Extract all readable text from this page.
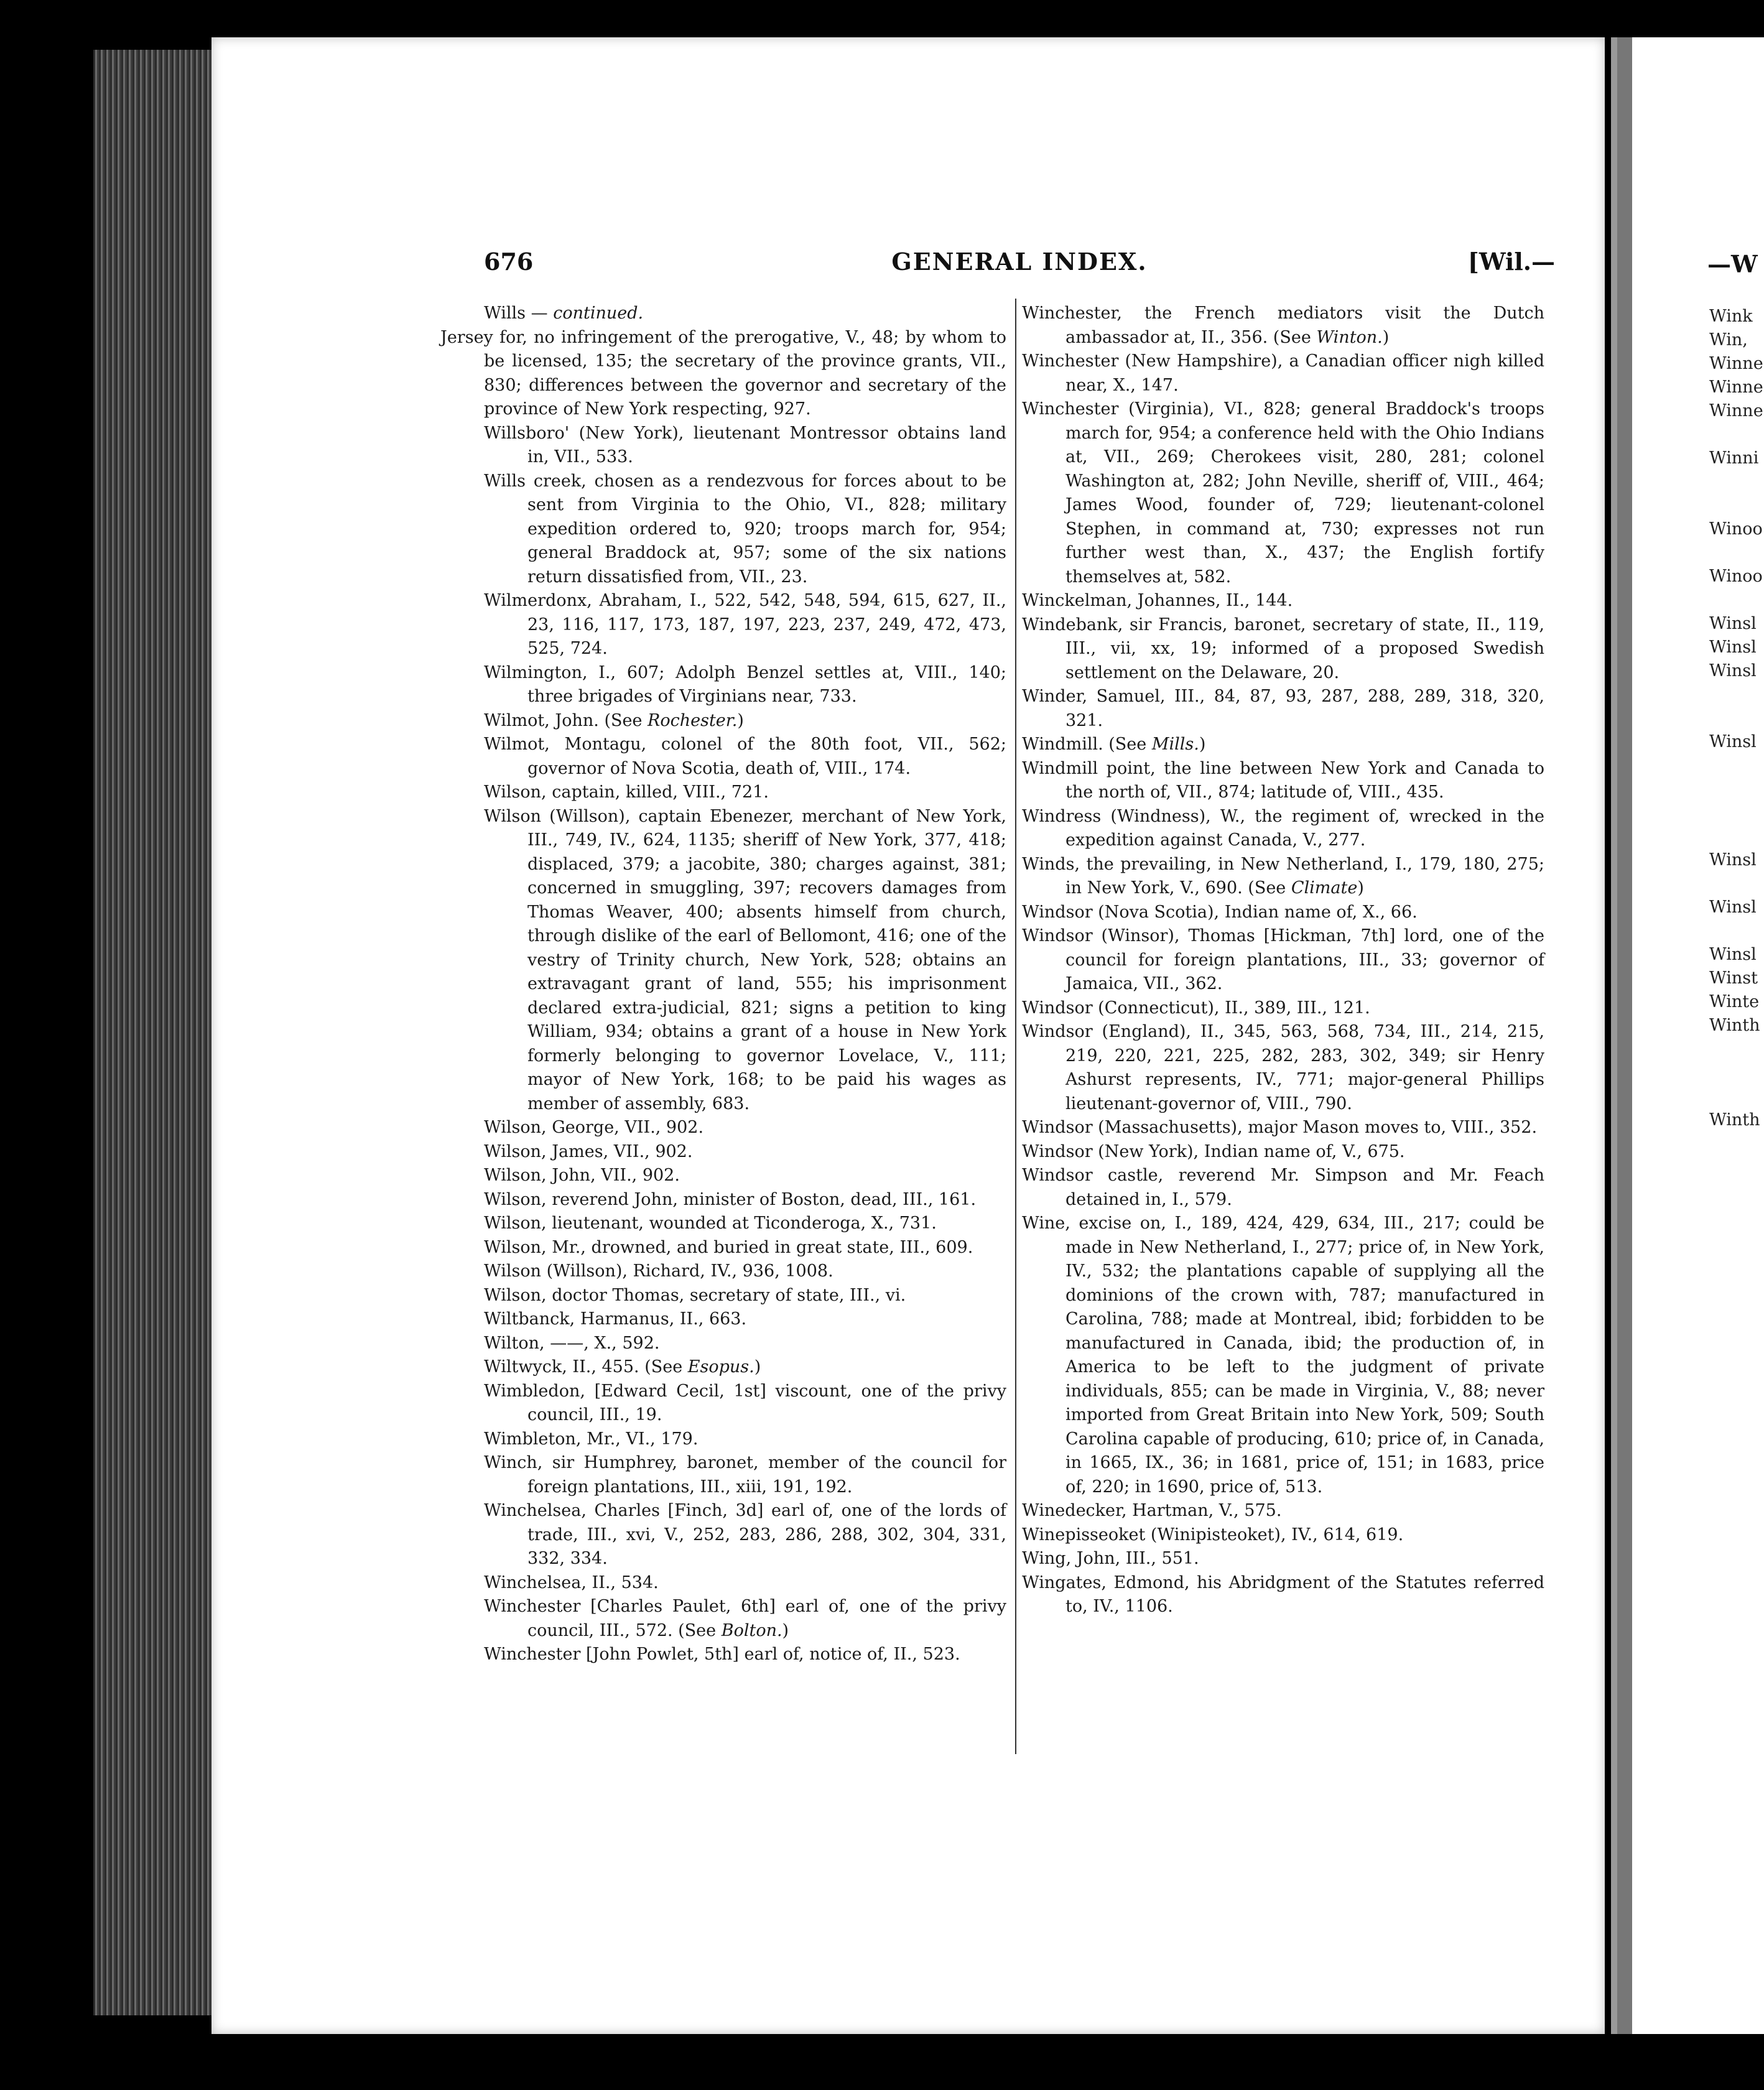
676	GENERAL INDEX.	[Wil.—

Wills — continued.

Jersey for, no infringement of the prerogative, V., 48; by whom to be licensed, 135; the secretary of the province grants, VII., 830; differences between the governor and secretary of the province of New York respecting, 927.

Willsboro' (New York), lieutenant Montressor obtains land in, VII., 533.

Wills creek, chosen as a rendezvous for forces about to be sent from Virginia to the Ohio, VI., 828; military expedition ordered to, 920; troops march for, 954; general Braddock at, 957; some of the six nations return dissatisfied from, VII., 23.

Wilmerdonx, Abraham, I., 522, 542, 548, 594, 615, 627, II., 23, 116, 117, 173, 187, 197, 223, 237, 249, 472, 473, 525, 724.

Wilmington, I., 607; Adolph Benzel settles at, VIII., 140; three brigades of Virginians near, 733.

Wilmot, John. (See Rochester.)

Wilmot, Montagu, colonel of the 80th foot, VII., 562; governor of Nova Scotia, death of, VIII., 174.

Wilson, captain, killed, VIII., 721.

Wilson (Willson), captain Ebenezer, merchant of New York, III., 749, IV., 624, 1135; sheriff of New York, 377, 418; displaced, 379; a jacobite, 380; charges against, 381; concerned in smuggling, 397; recovers damages from Thomas Weaver, 400; absents himself from church, through dislike of the earl of Bellomont, 416; one of the vestry of Trinity church, New York, 528; obtains an extravagant grant of land, 555; his imprisonment declared extra-judicial, 821; signs a petition to king William, 934; obtains a grant of a house in New York formerly belonging to governor Lovelace, V., 111; mayor of New York, 168; to be paid his wages as member of assembly, 683.

Wilson, George, VII., 902.

Wilson, James, VII., 902.

Wilson, John, VII., 902.

Wilson, reverend John, minister of Boston, dead, III., 161.

Wilson, lieutenant, wounded at Ticonderoga, X., 731.

Wilson, Mr., drowned, and buried in great state, III., 609.

Wilson (Willson), Richard, IV., 936, 1008.

Wilson, doctor Thomas, secretary of state, III., vi.

Wiltbanck, Harmanus, II., 663.

Wilton, ——, X., 592.

Wiltwyck, II., 455. (See Esopus.)

Wimbledon, [Edward Cecil, 1st] viscount, one of the privy council, III., 19.

Wimbleton, Mr., VI., 179.

Winch, sir Humphrey, baronet, member of the council for foreign plantations, III., xiii, 191, 192.

Winchelsea, Charles [Finch, 3d] earl of, one of the lords of trade, III., xvi, V., 252, 283, 286, 288, 302, 304, 331, 332, 334.

Winchelsea, II., 534.

Winchester [Charles Paulet, 6th] earl of, one of the privy council, III., 572. (See Bolton.)

Winchester [John Powlet, 5th] earl of, notice of, II., 523.

Winchester, the French mediators visit the Dutch ambassador at, II., 356. (See Winton.)

Winchester (New Hampshire), a Canadian officer nigh killed near, X., 147.

Winchester (Virginia), VI., 828; general Braddock's troops march for, 954; a conference held with the Ohio Indians at, VII., 269; Cherokees visit, 280, 281; colonel Washington at, 282; John Neville, sheriff of, VIII., 464; James Wood, founder of, 729; lieutenant-colonel Stephen, in command at, 730; expresses not run further west than, X., 437; the English fortify themselves at, 582.

Winckelman, Johannes, II., 144.

Windebank, sir Francis, baronet, secretary of state, II., 119, III., vii, xx, 19; informed of a proposed Swedish settlement on the Delaware, 20.

Winder, Samuel, III., 84, 87, 93, 287, 288, 289, 318, 320, 321.

Windmill. (See Mills.)

Windmill point, the line between New York and Canada to the north of, VII., 874; latitude of, VIII., 435.

Windress (Windness), W., the regiment of, wrecked in the expedition against Canada, V., 277.

Winds, the prevailing, in New Netherland, I., 179, 180, 275; in New York, V., 690. (See Climate)

Windsor (Nova Scotia), Indian name of, X., 66.

Windsor (Winsor), Thomas [Hickman, 7th] lord, one of the council for foreign plantations, III., 33; governor of Jamaica, VII., 362.

Windsor (Connecticut), II., 389, III., 121.

Windsor (England), II., 345, 563, 568, 734, III., 214, 215, 219, 220, 221, 225, 282, 283, 302, 349; sir Henry Ashurst represents, IV., 771; major-general Phillips lieutenant-governor of, VIII., 790.

Windsor (Massachusetts), major Mason moves to, VIII., 352.

Windsor (New York), Indian name of, V., 675.

Windsor castle, reverend Mr. Simpson and Mr. Feach detained in, I., 579.

Wine, excise on, I., 189, 424, 429, 634, III., 217; could be made in New Netherland, I., 277; price of, in New York, IV., 532; the plantations capable of supplying all the dominions of the crown with, 787; manufactured in Carolina, 788; made at Montreal, ibid; forbidden to be manufactured in Canada, ibid; the production of, in America to be left to the judgment of private individuals, 855; can be made in Virginia, V., 88; never imported from Great Britain into New York, 509; South Carolina capable of producing, 610; price of, in Canada, in 1665, IX., 36; in 1681, price of, 151; in 1683, price of, 220; in 1690, price of, 513.

Winedecker, Hartman, V., 575.

Winepisseoket (Winipisteoket), IV., 614, 619.

Wing, John, III., 551.

Wingates, Edmond, his Abridgment of the Statutes referred to, IV., 1106.

—W
Wink
Win,
Winne
Winne
Winne
Winni
Winoo
Winoo
Winsl
Winsl
Winsl
Winsl
Winsl
Winsl
Winsl
Winst
Winte
Winth
Winth
